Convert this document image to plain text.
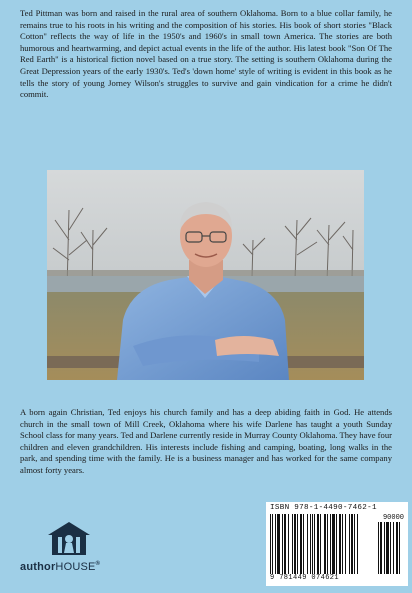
Ted Pittman was born and raised in the rural area of southern Oklahoma. Born to a blue collar family, he remains true to his roots in his writing and the composition of his stories. His book of short stories "Black Cotton" reflects the way of life in the 1950's and 1960's in small town America. The stories are both humorous and heartwarming, and depict actual events in the life of the author. His latest book "Son Of The Red Earth" is a historical fiction novel based on a true story. The setting is southern Oklahoma during the Great Depression years of the early 1930's. Ted's 'down home' style of writing is evident in this book as he tells the story of young Jorney Wilson's struggles to survive and gain vindication for a crime he didn't commit.

A born again Christian, Ted enjoys his church family and has a deep abiding faith in God. He attends church in the small town of Mill Creek, Oklahoma where his wife Darlene has taught a youth Sunday School class for many years. Ted and Darlene currently reside in Murray County Oklahoma. They have four children and eleven grandchildren. His interests include fishing and camping, boating, long walks in the park, and spending time with the family. He is a business manager and has worked for the same company almost forty years.

authorHOUSE®
ISBN 978-1-4490-7462-1
90000
9 781449 074621
